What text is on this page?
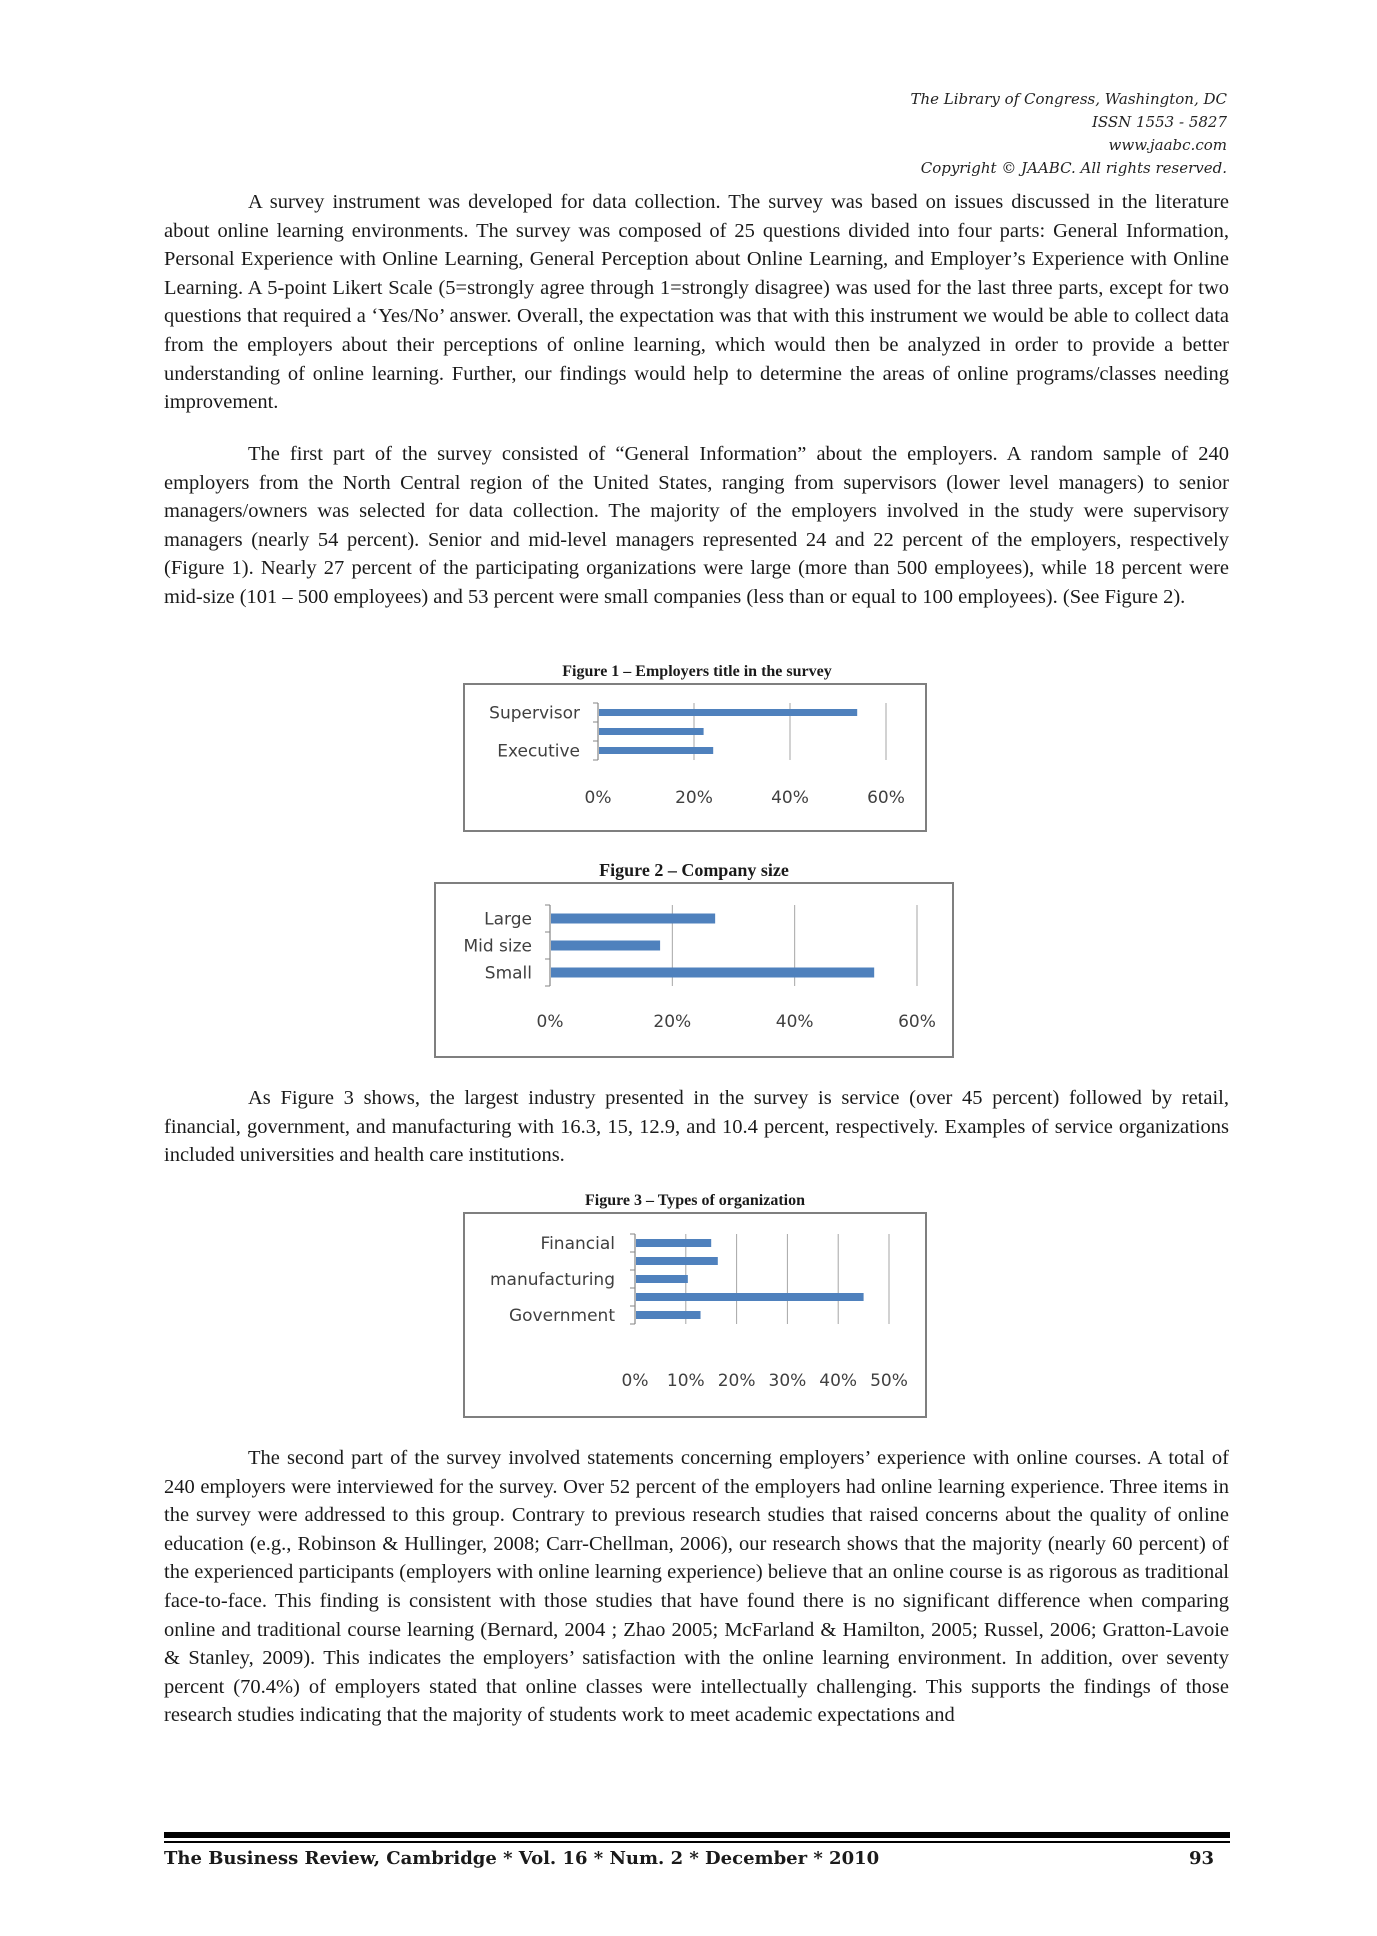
The Library of Congress, Washington, DC
ISSN 1553 - 5827
www.jaabc.com
Copyright © JAABC. All rights reserved.

A survey instrument was developed for data collection. The survey was based on issues discussed in the literature about online learning environments. The survey was composed of 25 questions divided into four parts: General Information, Personal Experience with Online Learning, General Perception about Online Learning, and Employer’s Experience with Online Learning. A 5-point Likert Scale (5=strongly agree through 1=strongly disagree) was used for the last three parts, except for two questions that required a ‘Yes/No’ answer. Overall, the expectation was that with this instrument we would be able to collect data from the employers about their perceptions of online learning, which would then be analyzed in order to provide a better understanding of online learning. Further, our findings would help to determine the areas of online programs/classes needing improvement.

The first part of the survey consisted of “General Information” about the employers. A random sample of 240 employers from the North Central region of the United States, ranging from supervisors (lower level managers) to senior managers/owners was selected for data collection. The majority of the employers involved in the study were supervisory managers (nearly 54 percent). Senior and mid-level managers represented 24 and 22 percent of the employers, respectively (Figure 1). Nearly 27 percent of the participating organizations were large (more than 500 employees), while 18 percent were mid-size (101 – 500 employees) and 53 percent were small companies (less than or equal to 100 employees). (See Figure 2).

Figure 1 – Employers title in the survey
0%	20%	40%	60%
Supervisor
Executive
Figure 2 – Company size
0%	20%	40%	60%
Large
Mid size
Small

As Figure 3 shows, the largest industry presented in the survey is service (over 45 percent) followed by retail, financial, government, and manufacturing with 16.3, 15, 12.9, and 10.4 percent, respectively. Examples of service organizations included universities and health care institutions.

Figure 3 – Types of organization
0% 10% 20% 30% 40% 50%
Financial
manufacturing
Government

The second part of the survey involved statements concerning employers’ experience with online courses. A total of 240 employers were interviewed for the survey. Over 52 percent of the employers had online learning experience. Three items in the survey were addressed to this group. Contrary to previous research studies that raised concerns about the quality of online education (e.g., Robinson & Hullinger, 2008; Carr-Chellman, 2006), our research shows that the majority (nearly 60 percent) of the experienced participants (employers with online learning experience) believe that an online course is as rigorous as traditional face-to-face. This finding is consistent with those studies that have found there is no significant difference when comparing online and traditional course learning (Bernard, 2004 ; Zhao 2005; McFarland & Hamilton, 2005; Russel, 2006; Gratton-Lavoie & Stanley, 2009). This indicates the employers’ satisfaction with the online learning environment. In addition, over seventy percent (70.4%) of employers stated that online classes were intellectually challenging. This supports the findings of those research studies indicating that the majority of students work to meet academic expectations and

The Business Review, Cambridge * Vol. 16 * Num. 2 * December * 2010	93
